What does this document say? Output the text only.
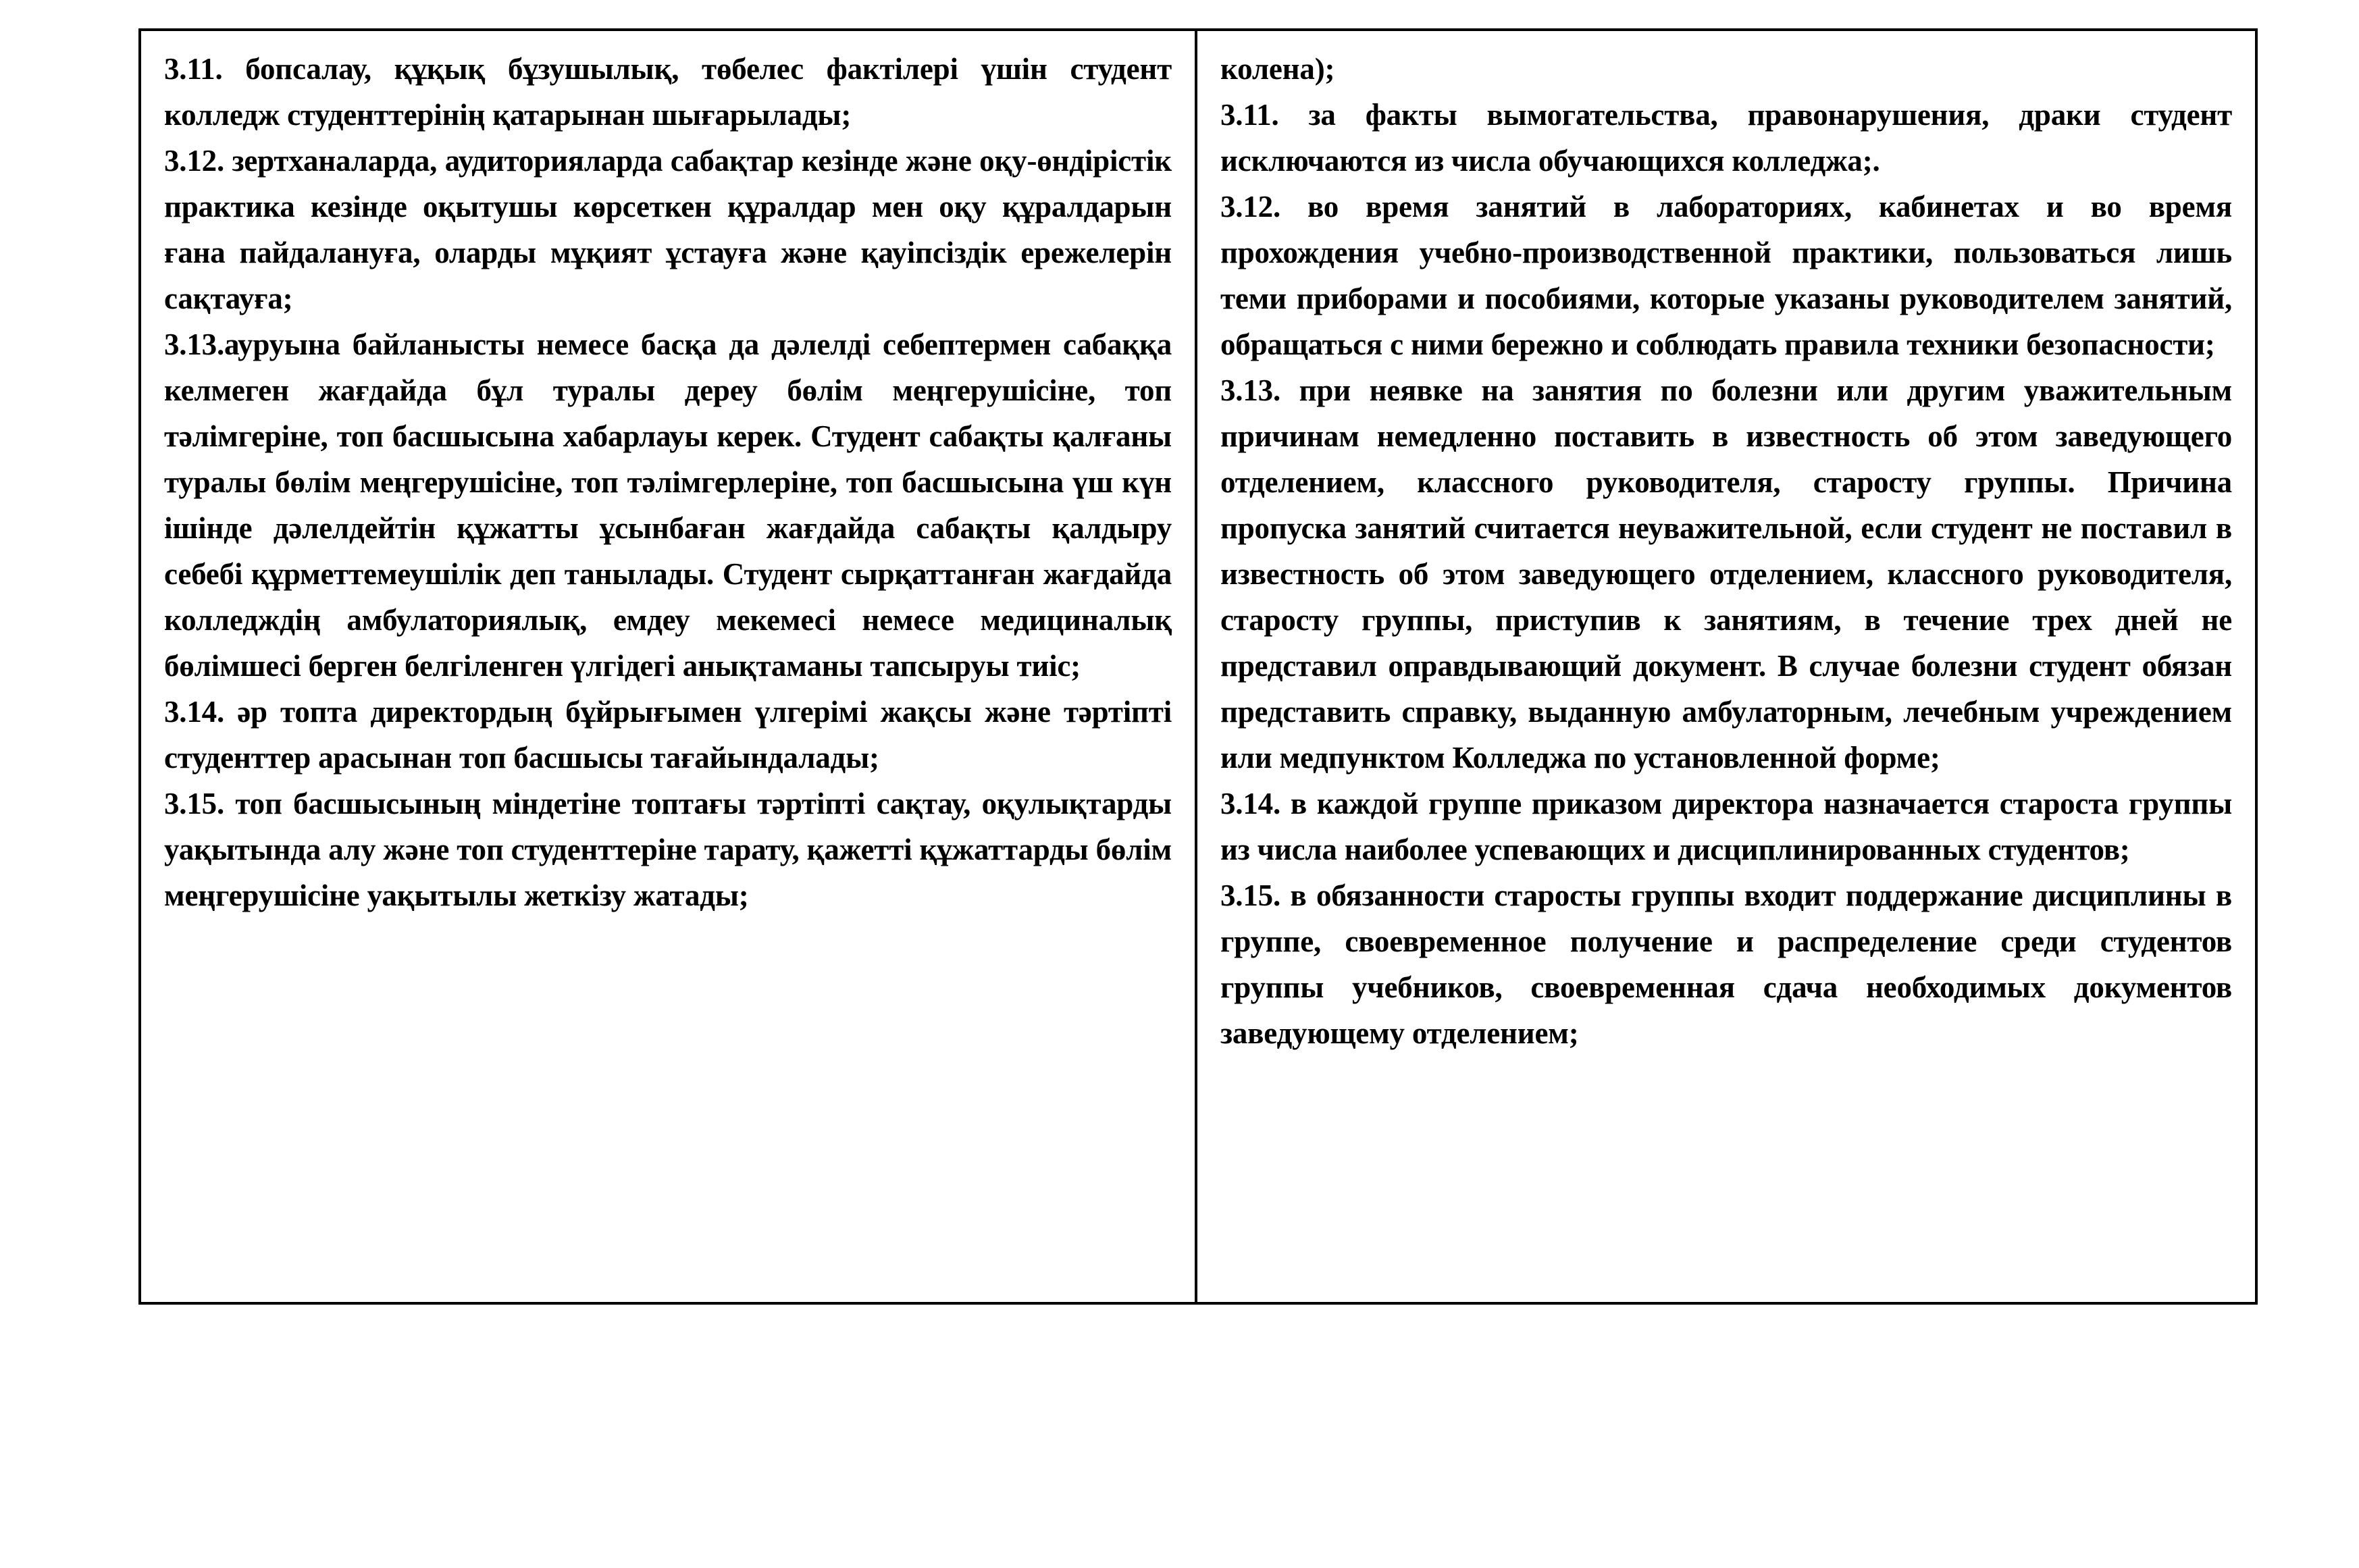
3.11. бопсалау, құқық бұзушылық, төбелес фактілері үшін студент колледж студенттерінің қатарынан шығарылады;

3.12. зертханаларда, аудиторияларда сабақтар кезінде және оқу-өндірістік практика кезінде оқытушы көрсеткен құралдар мен оқу құралдарын ғана пайдалануға, оларды мұқият ұстауға және қауіпсіздік ережелерін сақтауға;

3.13.ауруына байланысты немесе басқа да дәлелді себептермен сабаққа келмеген жағдайда бұл туралы дереу бөлім меңгерушісіне, топ тәлімгеріне, топ басшысына хабарлауы керек. Студент сабақты қалғаны туралы бөлім меңгерушісіне, топ тәлімгерлеріне, топ басшысына үш күн ішінде дәлелдейтін құжатты ұсынбаған жағдайда сабақты қалдыру себебі құрметтемеушілік деп танылады. Студент сырқаттанған жағдайда колледждің амбулаториялық, емдеу мекемесі немесе медициналық бөлімшесі берген белгіленген үлгідегі анықтаманы тапсыруы тиіс;

3.14. әр топта директордың бұйрығымен үлгерімі жақсы және тәртіпті студенттер арасынан топ басшысы тағайындалады;

3.15. топ басшысының міндетіне топтағы тәртіпті сақтау, оқулықтарды уақытында алу және топ студенттеріне тарату, қажетті құжаттарды бөлім меңгерушісіне уақытылы жеткізу жатады;

колена);

3.11. за факты вымогательства, правонарушения, драки студент исключаются из числа обучающихся колледжа;.

3.12. во время занятий в лабораториях, кабинетах и во время прохождения учебно-производственной практики, пользоваться лишь теми приборами и пособиями, которые указаны руководителем занятий, обращаться с ними бережно и соблюдать правила техники безопасности;

3.13. при неявке на занятия по болезни или другим уважительным причинам немедленно поставить в известность об этом заведующего отделением, классного руководителя, старосту группы. Причина пропуска занятий считается неуважительной, если студент не поставил в известность об этом заведующего отделением, классного руководителя, старосту группы, приступив к занятиям, в течение трех дней не представил оправдывающий документ. В случае болезни студент обязан представить справку, выданную амбулаторным, лечебным учреждением или медпунктом Колледжа по установленной форме;

3.14. в каждой группе приказом директора назначается староста группы из числа наиболее успевающих и дисциплинированных студентов;

3.15. в обязанности старосты группы входит поддержание дисциплины в группе, своевременное получение и распределение среди студентов группы учебников, своевременная сдача необходимых документов заведующему отделением;
